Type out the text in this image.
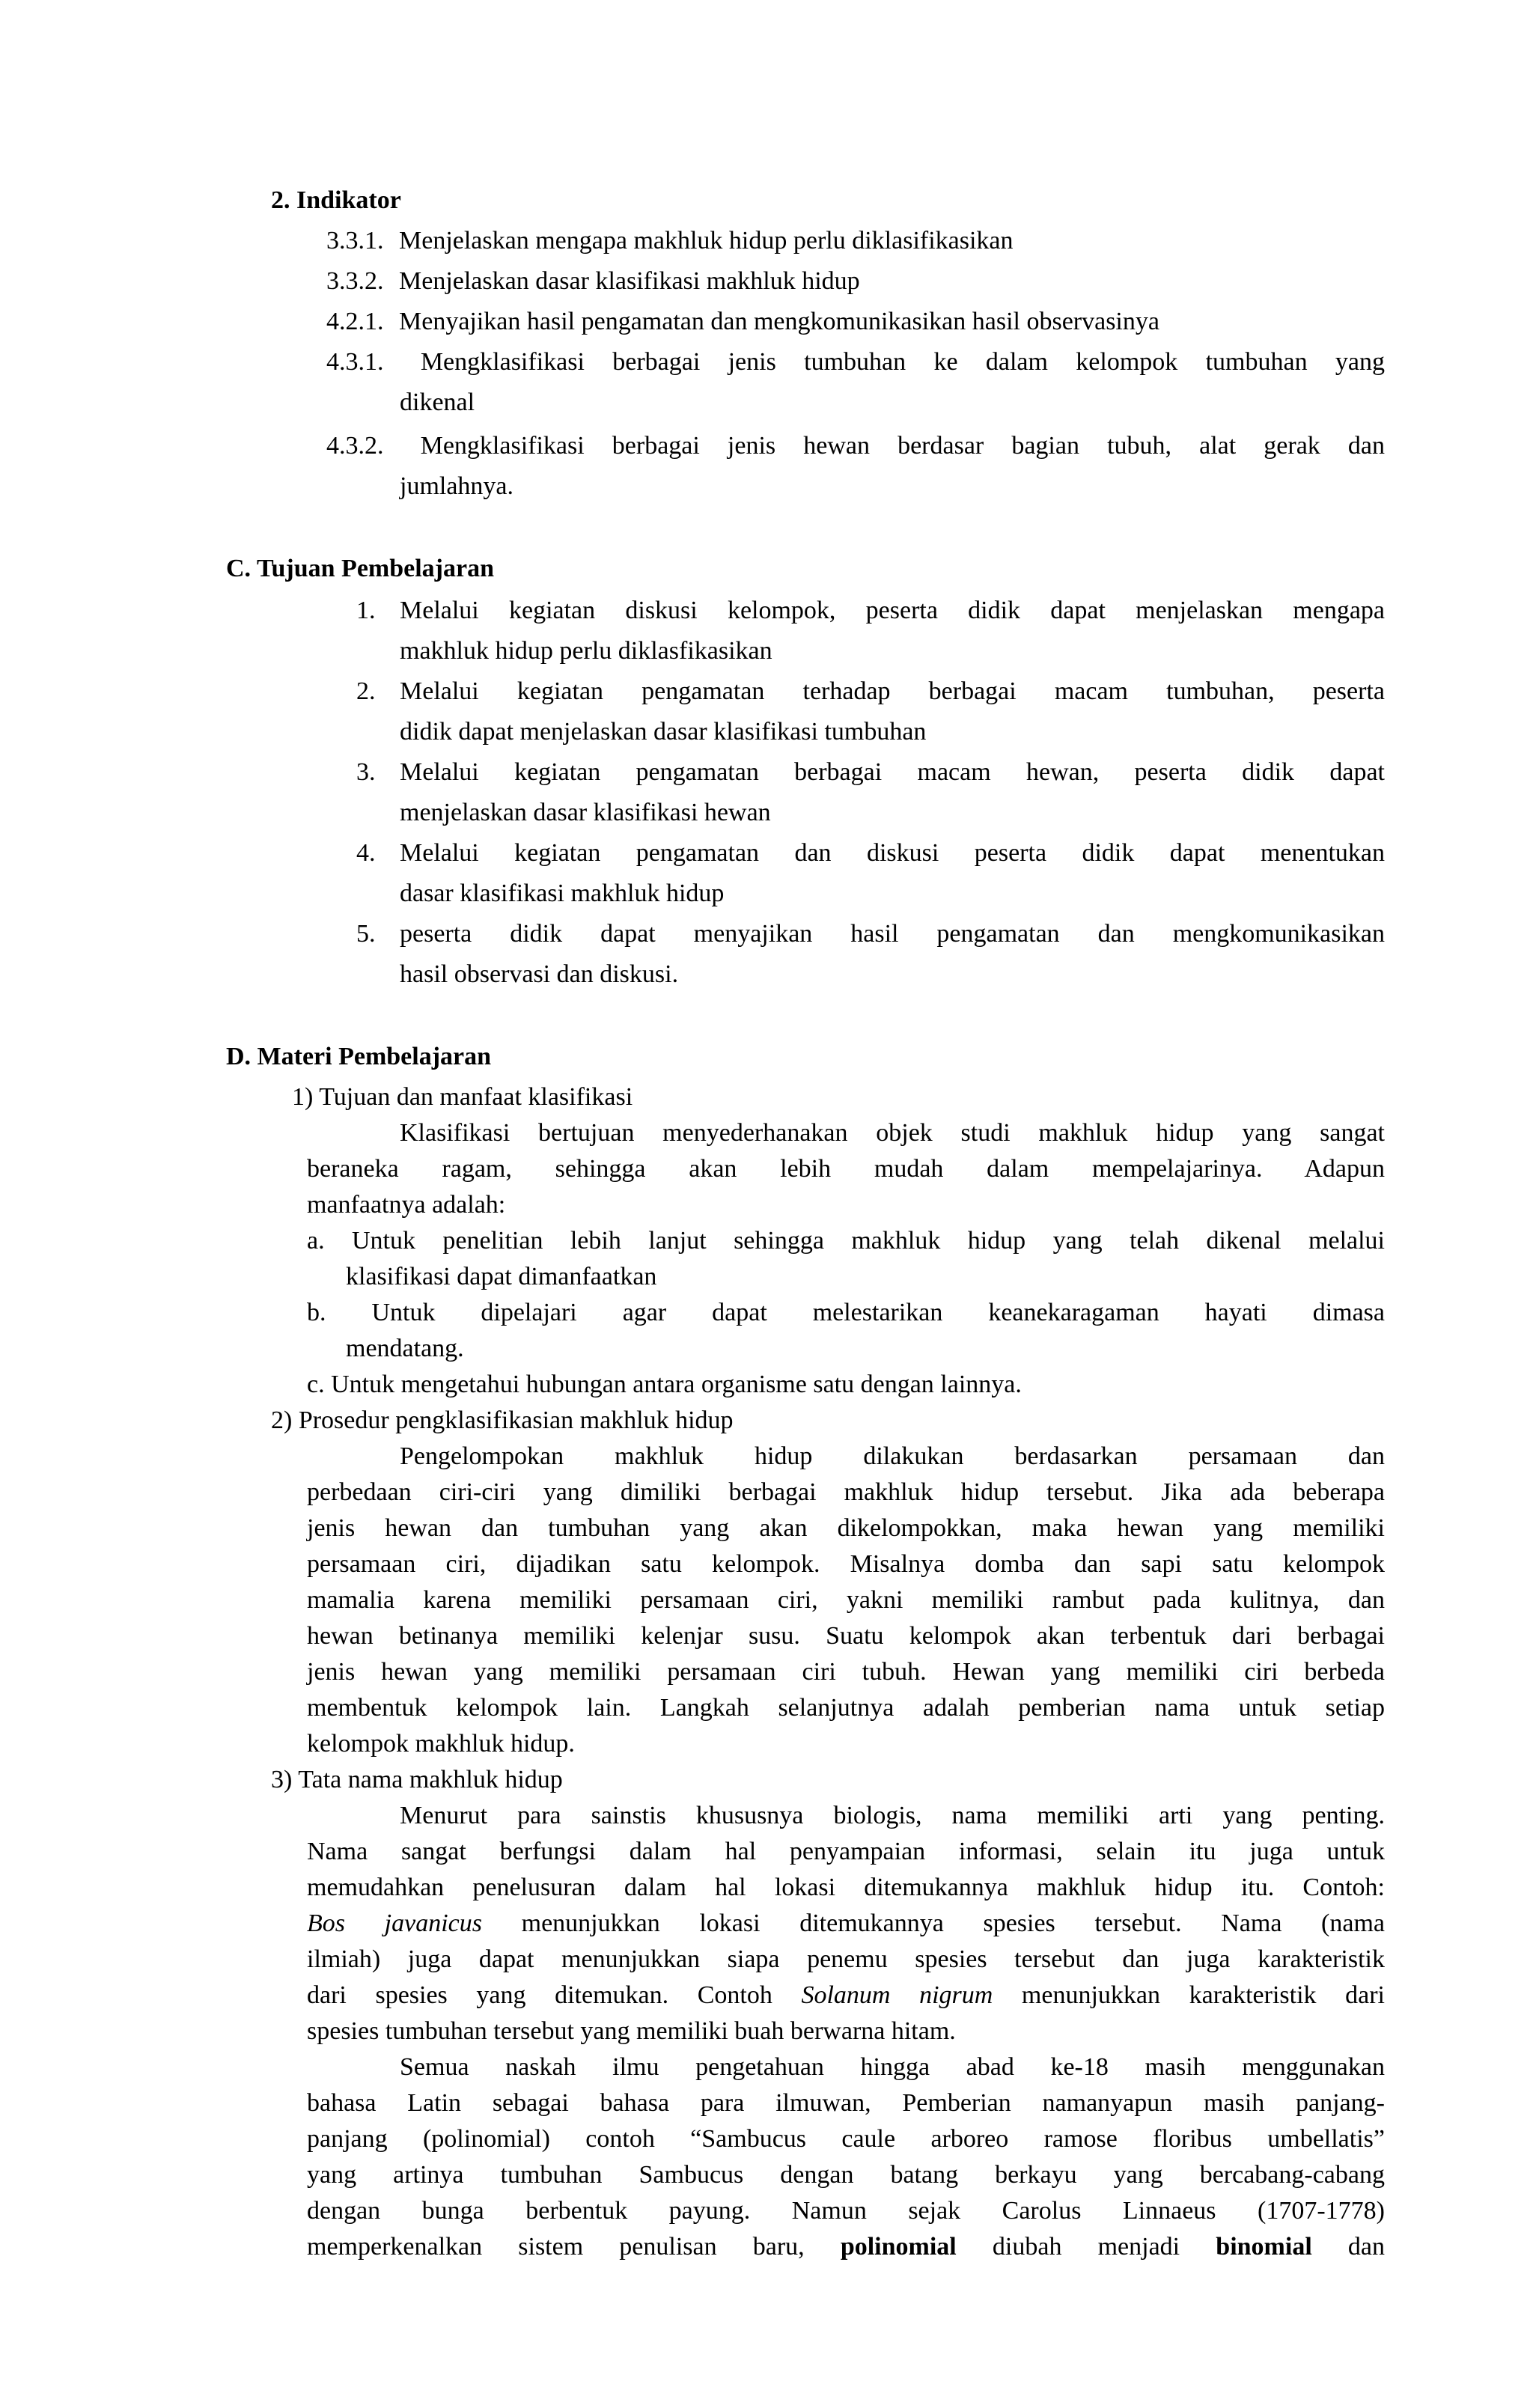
2. Indikator
3.3.1. Menjelaskan mengapa makhluk hidup perlu diklasifikasikan
3.3.2. Menjelaskan dasar klasifikasi makhluk hidup
4.2.1. Menyajikan hasil pengamatan dan mengkomunikasikan hasil observasinya
4.3.1. Mengklasifikasi berbagai jenis tumbuhan ke dalam kelompok tumbuhan yang
dikenal
4.3.2. Mengklasifikasi berbagai jenis hewan berdasar bagian tubuh, alat gerak dan
jumlahnya.
C. Tujuan Pembelajaran
1. Melalui kegiatan diskusi kelompok, peserta didik dapat menjelaskan mengapa
makhluk hidup perlu diklasfikasikan
2. Melalui kegiatan pengamatan terhadap berbagai macam tumbuhan, peserta
didik dapat menjelaskan dasar klasifikasi tumbuhan
3. Melalui kegiatan pengamatan berbagai macam hewan, peserta didik dapat
menjelaskan dasar klasifikasi hewan
4. Melalui kegiatan pengamatan dan diskusi peserta didik dapat menentukan
dasar klasifikasi makhluk hidup
5. peserta didik dapat menyajikan hasil pengamatan dan mengkomunikasikan
hasil observasi dan diskusi.
D. Materi Pembelajaran
1) Tujuan dan manfaat klasifikasi
Klasifikasi bertujuan menyederhanakan objek studi makhluk hidup yang sangat
beraneka ragam, sehingga akan lebih mudah dalam mempelajarinya. Adapun
manfaatnya adalah:
a. Untuk penelitian lebih lanjut sehingga makhluk hidup yang telah dikenal melalui
klasifikasi dapat dimanfaatkan
b. Untuk dipelajari agar dapat melestarikan keanekaragaman hayati dimasa
mendatang.
c. Untuk mengetahui hubungan antara organisme satu dengan lainnya.
2) Prosedur pengklasifikasian makhluk hidup
Pengelompokan makhluk hidup dilakukan berdasarkan persamaan dan
perbedaan ciri-ciri yang dimiliki berbagai makhluk hidup tersebut. Jika ada beberapa
jenis hewan dan tumbuhan yang akan dikelompokkan, maka hewan yang memiliki
persamaan ciri, dijadikan satu kelompok. Misalnya domba dan sapi satu kelompok
mamalia karena memiliki persamaan ciri, yakni memiliki rambut pada kulitnya, dan
hewan betinanya memiliki kelenjar susu. Suatu kelompok akan terbentuk dari berbagai
jenis hewan yang memiliki persamaan ciri tubuh. Hewan yang memiliki ciri berbeda
membentuk kelompok lain. Langkah selanjutnya adalah pemberian nama untuk setiap
kelompok makhluk hidup.
3) Tata nama makhluk hidup
Menurut para sainstis khususnya biologis, nama memiliki arti yang penting.
Nama sangat berfungsi dalam hal penyampaian informasi, selain itu juga untuk
memudahkan penelusuran dalam hal lokasi ditemukannya makhluk hidup itu. Contoh:
Bos javanicus menunjukkan lokasi ditemukannya spesies tersebut. Nama (nama
ilmiah) juga dapat menunjukkan siapa penemu spesies tersebut dan juga karakteristik
dari spesies yang ditemukan. Contoh Solanum nigrum menunjukkan karakteristik dari
spesies tumbuhan tersebut yang memiliki buah berwarna hitam.
Semua naskah ilmu pengetahuan hingga abad ke-18 masih menggunakan
bahasa Latin sebagai bahasa para ilmuwan, Pemberian namanyapun masih panjang-
panjang (polinomial) contoh “Sambucus caule arboreo ramose floribus umbellatis”
yang artinya tumbuhan Sambucus dengan batang berkayu yang bercabang-cabang
dengan bunga berbentuk payung. Namun sejak Carolus Linnaeus (1707-1778)
memperkenalkan sistem penulisan baru, polinomial diubah menjadi binomial dan
